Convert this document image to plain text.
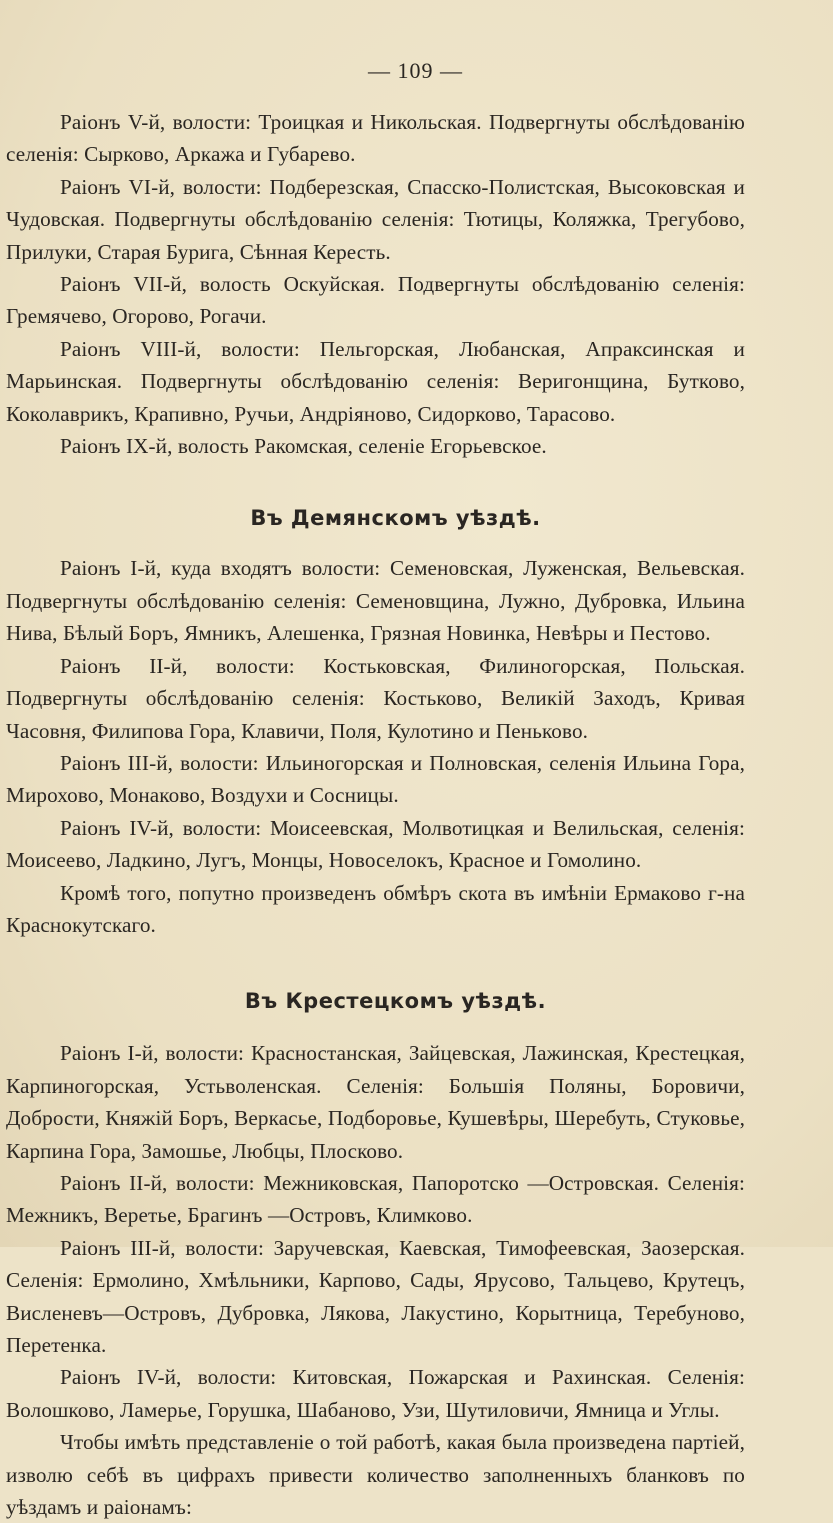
— 109 —

Раіонъ V-й, волости: Троицкая и Никольская. Подвергнуты обслѣдованію селенія: Сырково, Аркажа и Губарево.

Раіонъ VI-й, волости: Подберезская, Спасско-Полистская, Высоковская и Чудовская. Подвергнуты обслѣдованію селенія: Тютицы, Коляжка, Трегубово, Прилуки, Старая Бурига, Сѣнная Кересть.

Раіонъ VII-й, волость Оскуйская. Подвергнуты обслѣдованію селенія: Гремячево, Огорово, Рогачи.

Раіонъ VIII-й, волости: Пельгорская, Любанская, Апраксинская и Марьинская. Подвергнуты обслѣдованію селенія: Веригонщина, Бутково, Коколаврикъ, Крапивно, Ручьи, Андріяново, Сидорково, Тарасово.

Раіонъ IX-й, волость Ракомская, селеніе Егорьевское.

Въ Демянскомъ уѣздѣ.

Раіонъ I-й, куда входятъ волости: Семеновская, Луженская, Вельевская. Подвергнуты обслѣдованію селенія: Семеновщина, Лужно, Дубровка, Ильина Нива, Бѣлый Боръ, Ямникъ, Алешенка, Грязная Новинка, Невѣры и Пестово.

Раіонъ II-й, волости: Костьковская, Филиногорская, Польская. Подвергнуты обслѣдованію селенія: Костьково, Великій Заходъ, Кривая Часовня, Филипова Гора, Клавичи, Поля, Кулотино и Пеньково.

Раіонъ III-й, волости: Ильиногорская и Полновская, селенія Ильина Гора, Мирохово, Монаково, Воздухи и Сосницы.

Раіонъ IV-й, волости: Моисеевская, Молвотицкая и Велильская, селенія: Моисеево, Ладкино, Лугъ, Монцы, Новоселокъ, Красное и Гомолино.

Кромѣ того, попутно произведенъ обмѣръ скота въ имѣніи Ермаково г-на Краснокутскаго.

Въ Крестецкомъ уѣздѣ.

Раіонъ I-й, волости: Красностанская, Зайцевская, Лажинская, Крестецкая, Карпиногорская, Устьволенская. Селенія: Большія Поляны, Боровичи, Добрости, Княжій Боръ, Веркасье, Подборовье, Кушевѣры, Шеребуть, Стуковье, Карпина Гора, Замошье, Любцы, Плосково.

Раіонъ II-й, волости: Межниковская, Папоротско —Островская. Селенія: Межникъ, Веретье, Брагинъ —Островъ, Климково.

Раіонъ III-й, волости: Заручевская, Каевская, Тимофеевская, Заозерская. Селенія: Ермолино, Хмѣльники, Карпово, Сады, Ярусово, Тальцево, Крутецъ, Висленевъ—Островъ, Дубровка, Лякова, Лакустино, Корытница, Теребуново, Перетенка.

Раіонъ IV-й, волости: Китовская, Пожарская и Рахинская. Селенія: Волошково, Ламерье, Горушка, Шабаново, Узи, Шутиловичи, Ямница и Углы.

Чтобы имѣть представленіе о той работѣ, какая была произведена партіей, изволю себѣ въ цифрахъ привести количество заполненныхъ бланковъ по уѣздамъ и раіонамъ:
